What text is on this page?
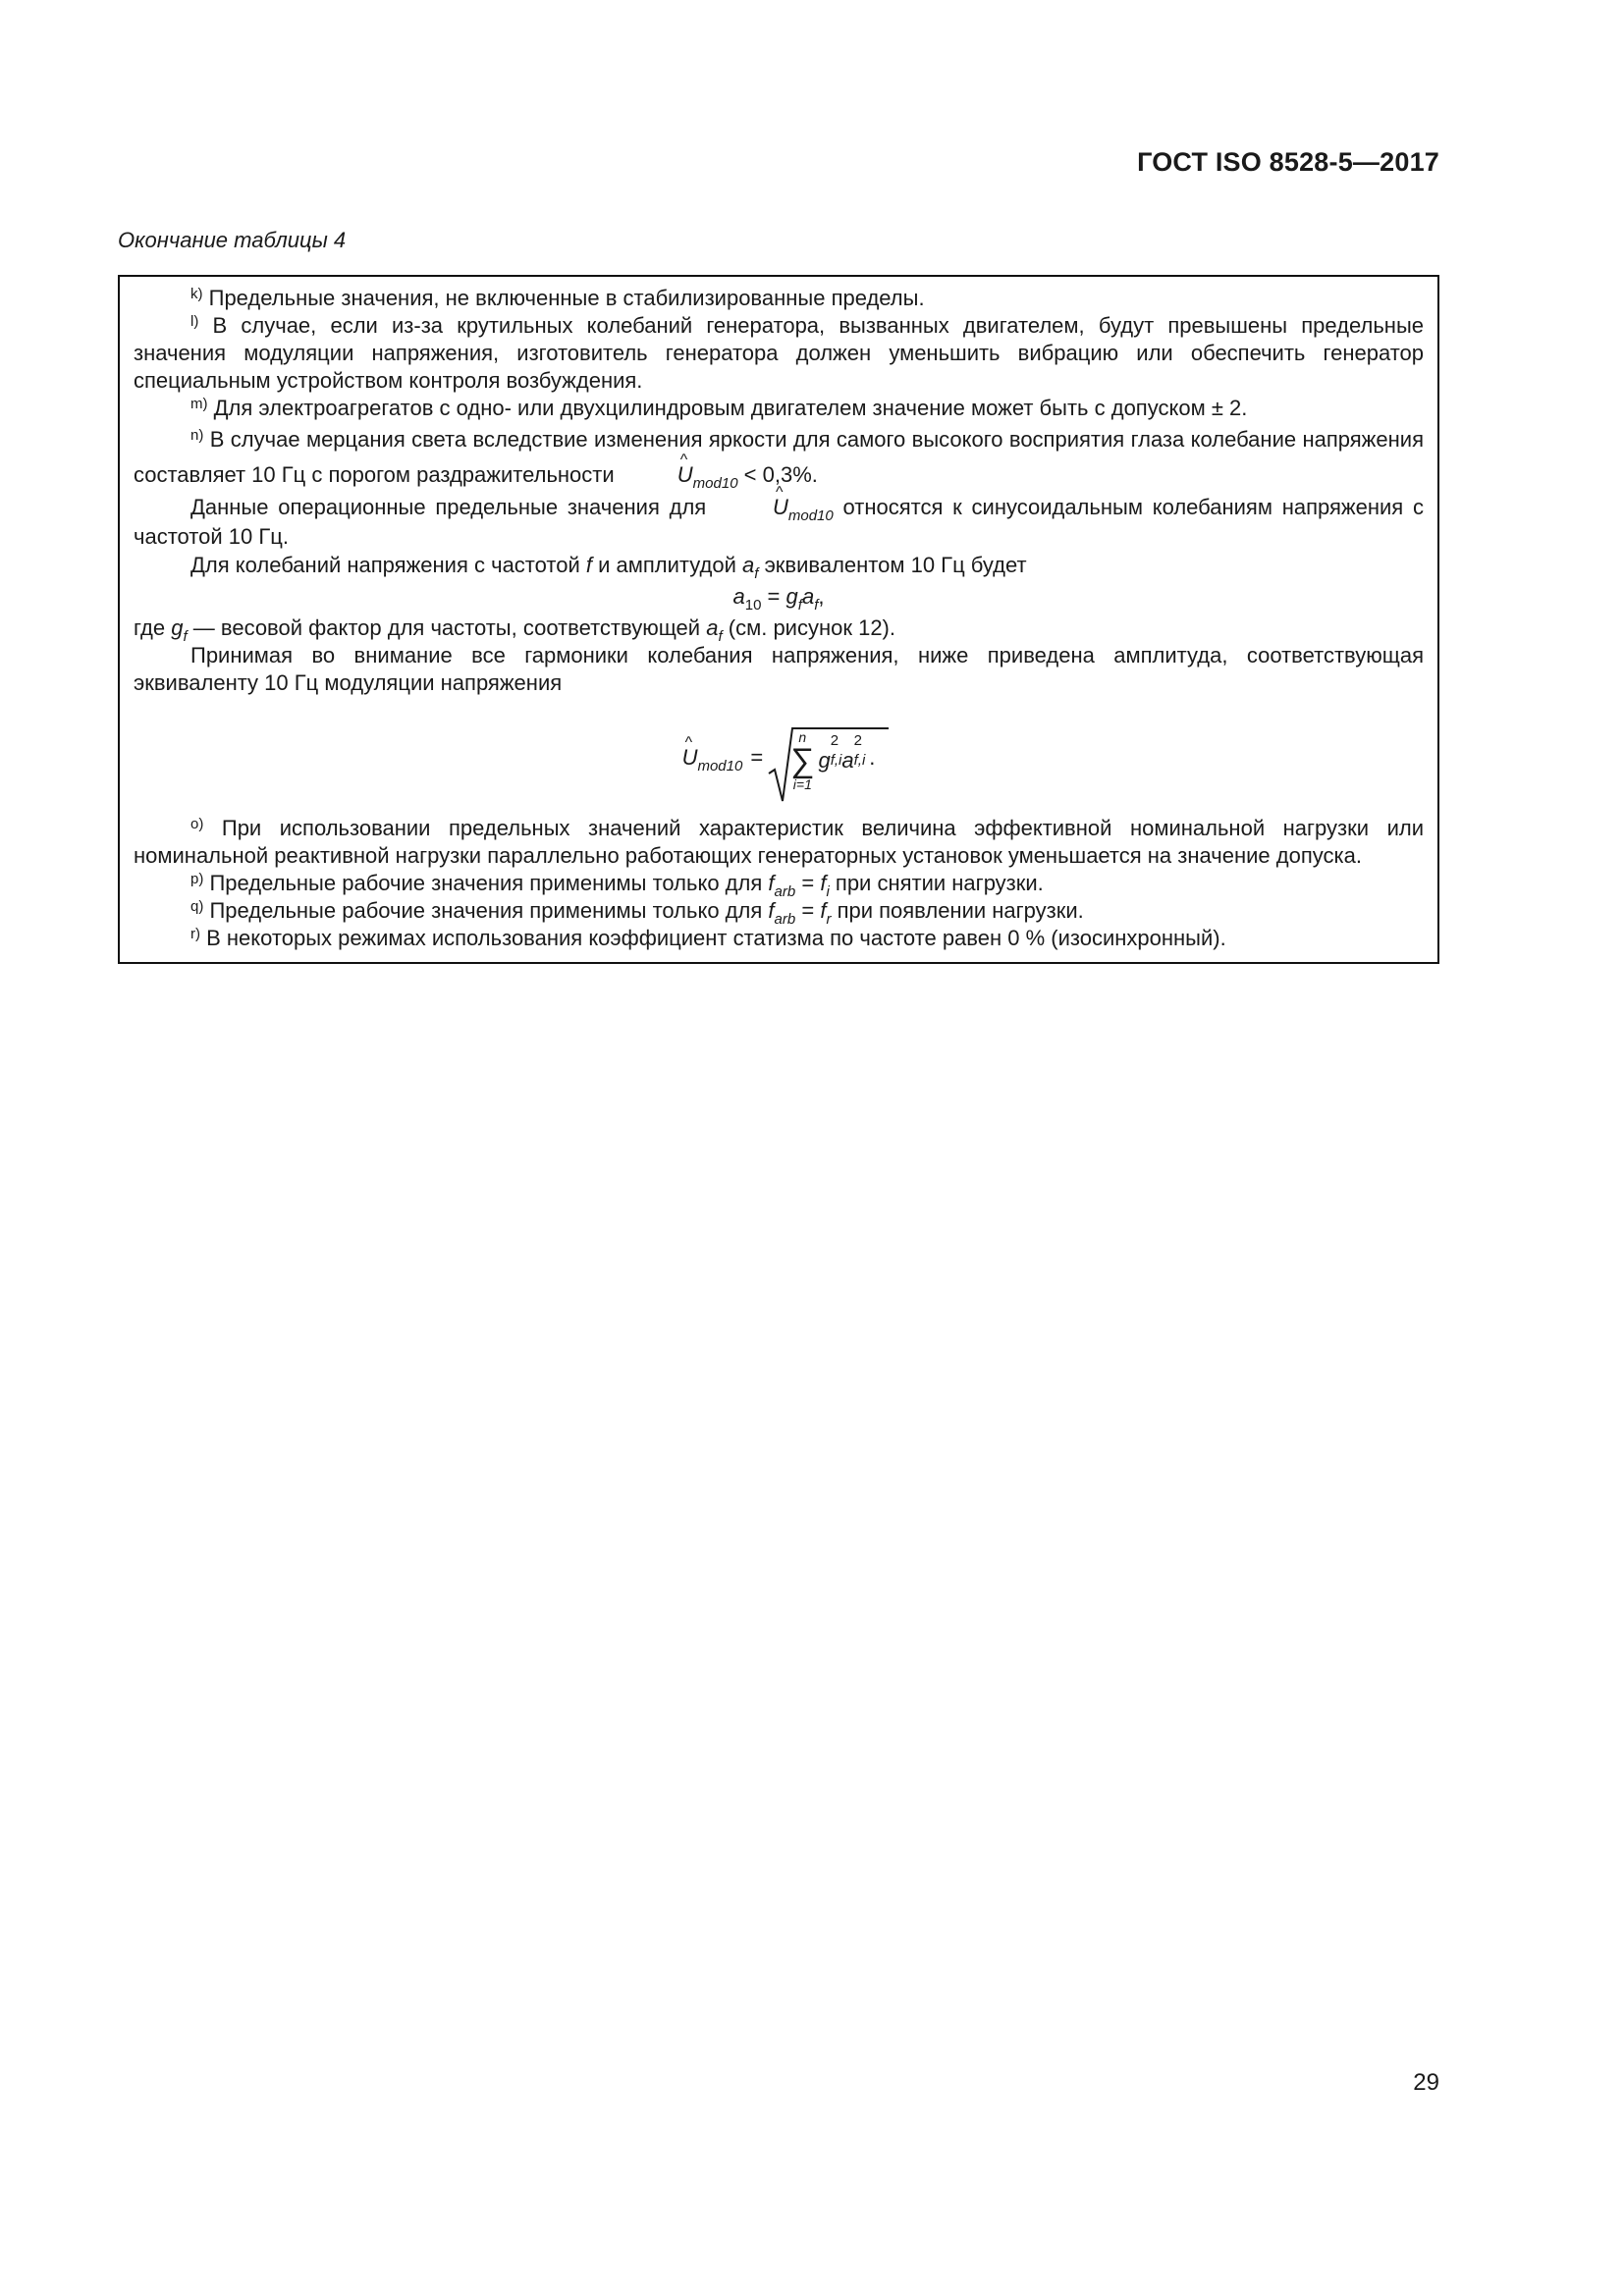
ГОСТ ISO 8528-5—2017
Окончание таблицы 4

$^{k)}$ Предельные значения, не включенные в стабилизированные пределы.

$^{l)}$ В случае, если из-за крутильных колебаний генератора, вызванных двигателем, будут превышены предельные значения модуляции напряжения, изготовитель генератора должен уменьшить вибрацию или обеспечить генератор специальным устройством контроля возбуждения.

$^{m)}$ Для электроагрегатов с одно- или двухцилиндровым двигателем значение может быть с допуском ± 2.

$^{n)}$ В случае мерцания света вследствие изменения яркости для самого высокого восприятия глаза колебание напряжения составляет 10 Гц с порогом раздражительности	^ $U_{mod10} < 0,3\%$.

Данные операционные предельные значения для	^ $U_{mod10}$ относятся к синусоидальным колебаниям напряжения с частотой 10 Гц.

Для колебаний напряжения с частотой f и амплитудой $a_f$ эквивалентом 10 Гц будет

$a_{10} = g_fa_f$,

где $g_f$ — весовой фактор для частоты, соответствующей $a_f$ (см. рисунок 12).

Принимая во внимание все гармоники колебания напряжения, ниже приведена амплитуда, соответствующая эквиваленту 10 Гц модуляции напряжения

^ $U_{mod10}$ =
n
∑
i=1
g
2
f,i a
2
f,i .

$^{o)}$ При использовании предельных значений характеристик величина эффективной номинальной нагрузки или номинальной реактивной нагрузки параллельно работающих генераторных установок уменьшается на значение допуска.

$^{p)}$ Предельные рабочие значения применимы только для $f_{arb} = f_i$ при снятии нагрузки.

$^{q)}$ Предельные рабочие значения применимы только для $f_{arb} = f_r$ при появлении нагрузки.

$^{r)}$ В некоторых режимах использования коэффициент статизма по частоте равен 0 % (изосинхронный).

29
